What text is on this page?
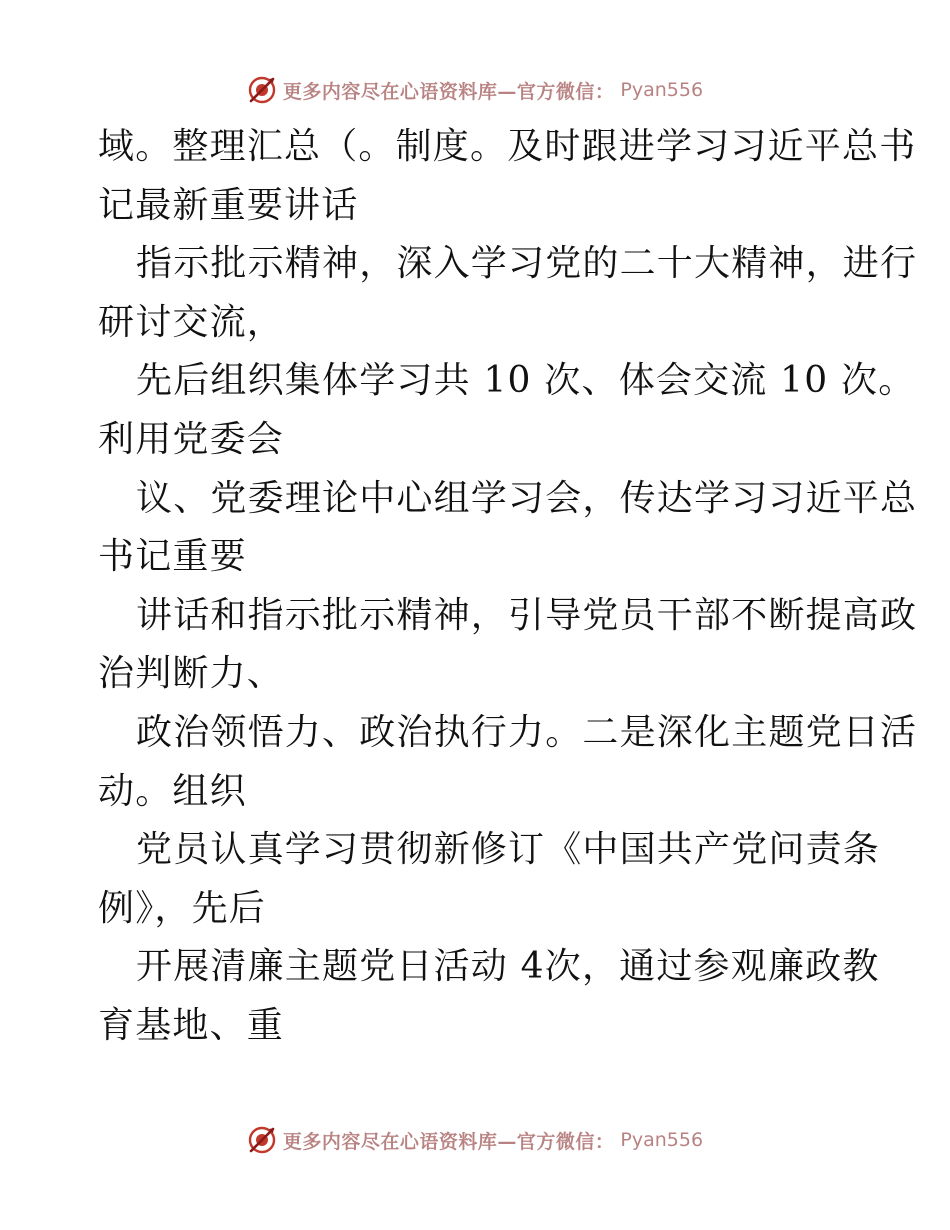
更多内容尽在心语资料库—官方微信： Pyan556
域。整理汇总（。制度。及时跟进学习习近平总书
记最新重要讲话
指示批示精神，深入学习党的二十大精神，进行
研讨交流，
先后组织集体学习共 10 次、体会交流 10 次。
利用党委会
议、党委理论中心组学习会，传达学习习近平总
书记重要
讲话和指示批示精神，引导党员干部不断提高政
治判断力、
政治领悟力、政治执行力。二是深化主题党日活
动。组织
党员认真学习贯彻新修订《中国共产党问责条
例》，先后
开展清廉主题党日活动 4次，通过参观廉政教
育基地、重
更多内容尽在心语资料库—官方微信： Pyan556
